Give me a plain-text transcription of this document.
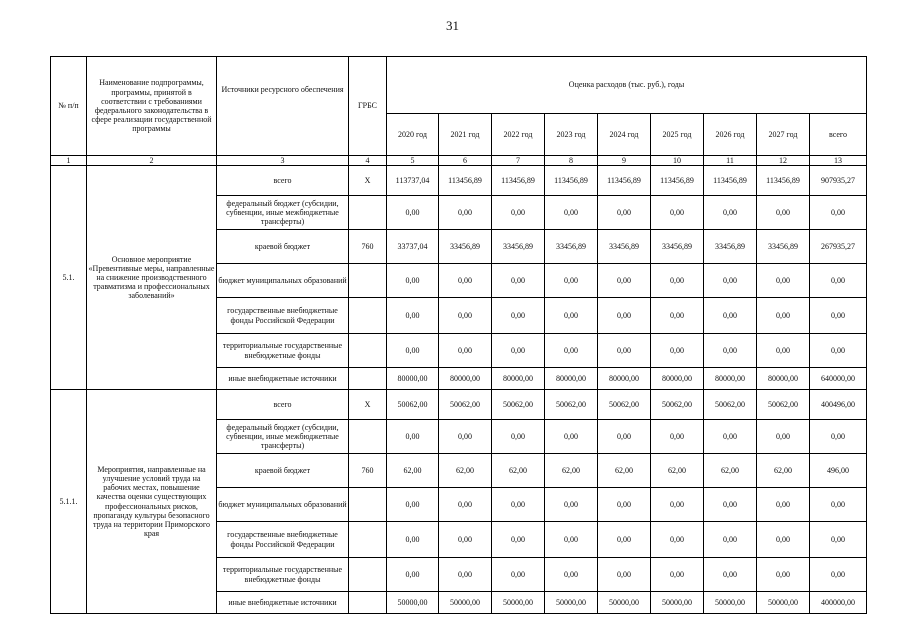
31
№ п/п	Наименование подпрограммы, программы, принятой в соответствии с требованиями федерального законодательства в сфере реализации государственной программы	Источники ресурсного обеспечения	ГРБС	Оценка расходов (тыс. руб.), годы								
				2020 год	2021 год	2022 год	2023 год	2024 год	2025 год	2026 год	2027 год	всего
1	2	3	4	5	6	7	8	9	10	11	12	13
5.1.	Основное мероприятие «Превентивные меры, направленные на снижение производственного травматизма и профессиональных заболеваний»	всего	Х	113737,04	113456,89	113456,89	113456,89	113456,89	113456,89	113456,89	113456,89	907935,27
		федеральный бюджет (субсидии, субвенции, иные межбюджетные трансферты)		0,00	0,00	0,00	0,00	0,00	0,00	0,00	0,00	0,00
		краевой бюджет	760	33737,04	33456,89	33456,89	33456,89	33456,89	33456,89	33456,89	33456,89	267935,27
		бюджет муниципальных образований		0,00	0,00	0,00	0,00	0,00	0,00	0,00	0,00	0,00
		государственные внебюджетные фонды Российской Федерации		0,00	0,00	0,00	0,00	0,00	0,00	0,00	0,00	0,00
		территориальные государственные внебюджетные фонды		0,00	0,00	0,00	0,00	0,00	0,00	0,00	0,00	0,00
		иные внебюджетные источники		80000,00	80000,00	80000,00	80000,00	80000,00	80000,00	80000,00	80000,00	640000,00
5.1.1.	Мероприятия, направленные на улучшение условий труда на рабочих местах, повышение качества оценки существующих профессиональных рисков, пропаганду культуры безопасного труда на территории Приморского края	всего	Х	50062,00	50062,00	50062,00	50062,00	50062,00	50062,00	50062,00	50062,00	400496,00
		федеральный бюджет (субсидии, субвенции, иные межбюджетные трансферты)		0,00	0,00	0,00	0,00	0,00	0,00	0,00	0,00	0,00
		краевой бюджет	760	62,00	62,00	62,00	62,00	62,00	62,00	62,00	62,00	496,00
		бюджет муниципальных образований		0,00	0,00	0,00	0,00	0,00	0,00	0,00	0,00	0,00
		государственные внебюджетные фонды Российской Федерации		0,00	0,00	0,00	0,00	0,00	0,00	0,00	0,00	0,00
		территориальные государственные внебюджетные фонды		0,00	0,00	0,00	0,00	0,00	0,00	0,00	0,00	0,00
		иные внебюджетные источники		50000,00	50000,00	50000,00	50000,00	50000,00	50000,00	50000,00	50000,00	400000,00
